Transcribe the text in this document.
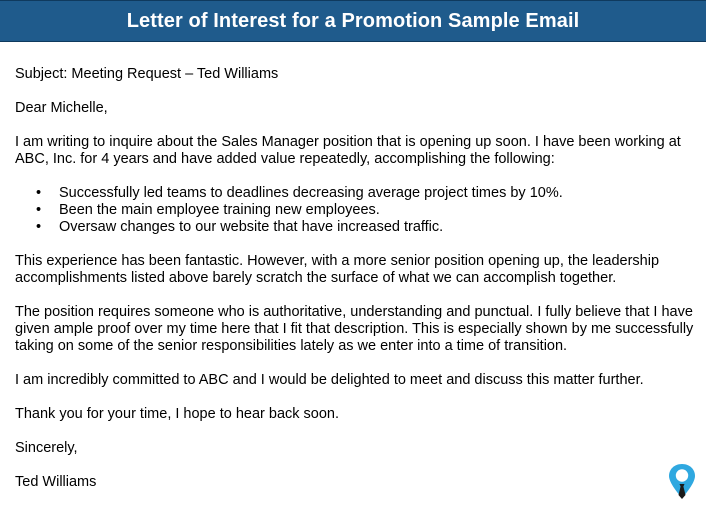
Letter of Interest for a Promotion Sample Email

Subject: Meeting Request – Ted Williams

Dear Michelle,

I am writing to inquire about the Sales Manager position that is opening up soon. I have been working at ABC, Inc. for 4 years and have added value repeatedly, accomplishing the following:

• Successfully led teams to deadlines decreasing average project times by 10%.
• Been the main employee training new employees.
• Oversaw changes to our website that have increased traffic.

This experience has been fantastic. However, with a more senior position opening up, the leadership accomplishments listed above barely scratch the surface of what we can accomplish together.

The position requires someone who is authoritative, understanding and punctual. I fully believe that I have given ample proof over my time here that I fit that description. This is especially shown by me successfully taking on some of the senior responsibilities lately as we enter into a time of transition.

I am incredibly committed to ABC and I would be delighted to meet and discuss this matter further.

Thank you for your time, I hope to hear back soon.

Sincerely,

Ted Williams
